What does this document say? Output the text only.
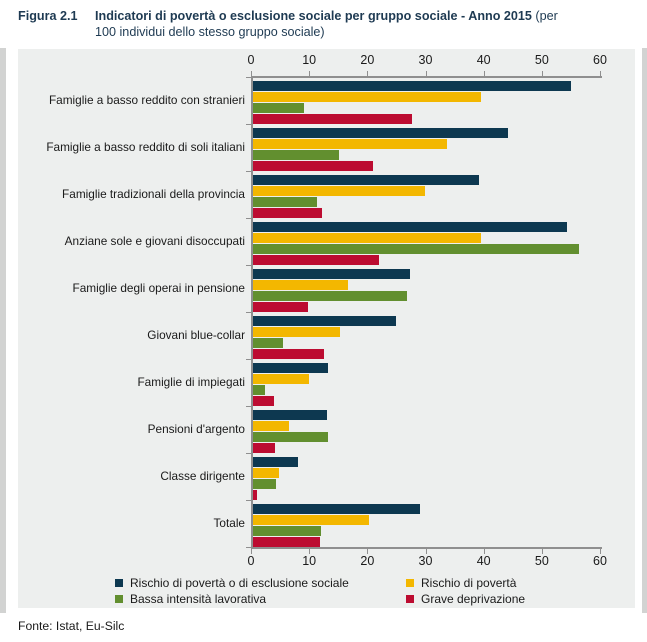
Figura 2.1	Indicatori di povertà o esclusione sociale per gruppo sociale - Anno 2015 (per 100 individui dello stesso gruppo sociale)
0	10	20	30	40	50	60
Famiglie a basso reddito con stranieri
Famiglie a basso reddito di soli italiani
Famiglie tradizionali della provincia
Anziane sole e giovani disoccupati
Famiglie degli operai in pensione
Giovani blue-collar
Famiglie di impiegati
Pensioni d'argento
Classe dirigente
Totale
0	10	20	30	40	50	60
Rischio di povertà o di esclusione sociale	Rischio di povertà
Bassa intensità lavorativa	Grave deprivazione
Fonte: Istat, Eu-Silc
